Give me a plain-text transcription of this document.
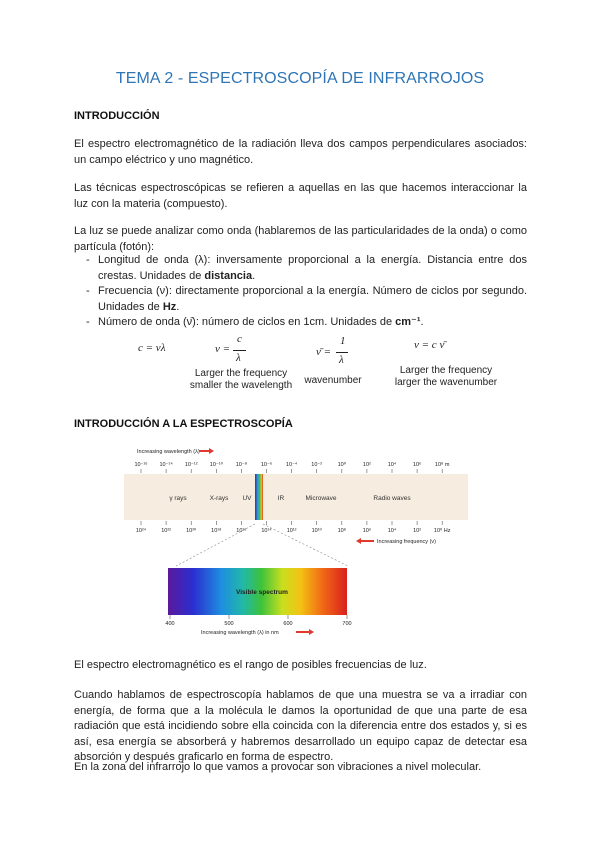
TEMA 2 - ESPECTROSCOPÍA DE INFRARROJOS
INTRODUCCIÓN
El espectro electromagnético de la radiación lleva dos campos perpendiculares asociados: un campo eléctrico y uno magnético.
Las técnicas espectroscópicas se refieren a aquellas en las que hacemos interaccionar la luz con la materia (compuesto).
La luz se puede analizar como onda (hablaremos de las particularidades de la onda) o como partícula (fotón):
- Longitud de onda (λ): inversamente proporcional a la energía. Distancia entre dos crestas. Unidades de distancia.
- Frecuencia (ν): directamente proporcional a la energía. Número de ciclos por segundo. Unidades de Hz.
- Número de onda (ν̄): número de ciclos en 1cm. Unidades de cm⁻¹.
c = νλ	ν =
c
λ	ν̄ =
1
λ
ν = c ν̄
Larger the frequency smaller the wavelength	wavenumber
Larger the frequency larger the wavenumber
INTRODUCCIÓN A LA ESPECTROSCOPÍA
Increasing wavelength (λ)
10⁻¹⁶ 10⁻¹⁴ 10⁻¹² 10⁻¹⁰ 10⁻⁸	10⁻⁶	10⁻⁴	10⁻²	10⁰	10²	10⁴	10⁶ 10⁸ m
γ rays	X-rays UV	IR	Microwave	Radio waves
10²⁴	10²²	10²⁰	10¹⁸	10¹⁶	10¹⁴	10¹²	10¹⁰	10⁸	10⁶	10⁴	10² 10⁰ Hz
Increasing frequency (ν)
Visible spectrum
400	500	600	700
Increasing wavelength (λ) in nm
El espectro electromagnético es el rango de posibles frecuencias de luz.
Cuando hablamos de espectroscopía hablamos de que una muestra se va a irradiar con energía, de forma que a la molécula le damos la oportunidad de que una parte de esa radiación que está incidiendo sobre ella coincida con la diferencia entre dos estados y, si es así, esa energía se absorberá y habremos desarrollado un equipo capaz de detectar esa absorción y después graficarlo en forma de espectro.
En la zona del infrarrojo lo que vamos a provocar son vibraciones a nivel molecular.
